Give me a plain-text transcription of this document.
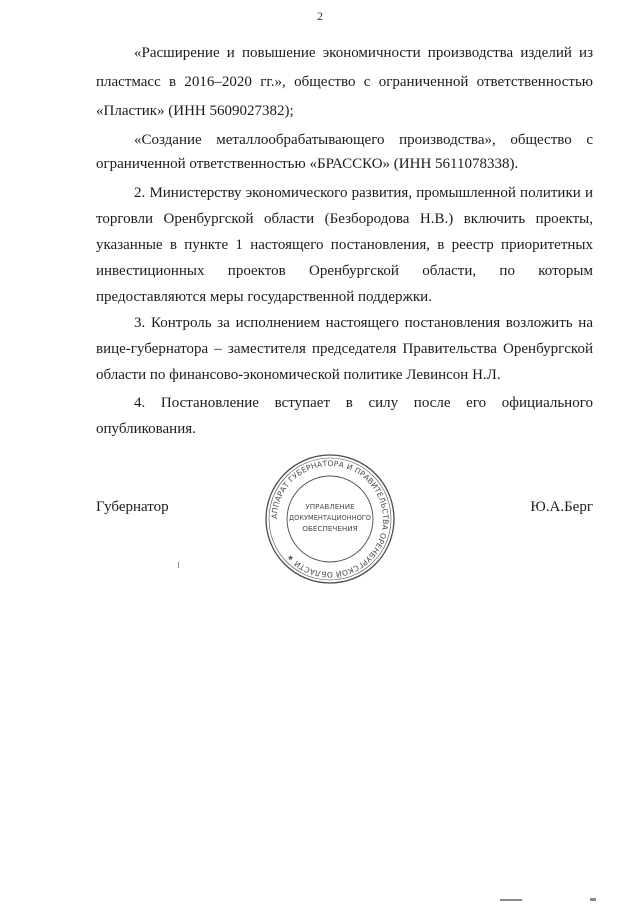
2
«Расширение и повышение экономичности производства изделий из
пластмасс в 2016–2020 гг.», общество с ограниченной ответственностью
«Пластик» (ИНН 5609027382);
«Создание металлообрабатывающего производства», общество с
ограниченной ответственностью «БРАССКО» (ИНН 5611078338).
2. Министерству экономического развития, промышленной политики и
торговли Оренбургской области (Безбородова Н.В.) включить проекты,
указанные в пункте 1 настоящего постановления, в реестр приоритетных
инвестиционных проектов Оренбургской области, по которым
предоставляются меры государственной поддержки.
3. Контроль за исполнением настоящего постановления возложить на
вице-губернатора – заместителя председателя Правительства Оренбургской
области по финансово-экономической политике Левинсон Н.Л.
4. Постановление вступает в силу после его официального
опубликования.
Губернатор	Ю.А.Берг
АППАРАТ ГУБЕРНАТОРА И ПРАВИТЕЛЬСТВА ОРЕНБУРГСКОЙ ОБЛАСТИ ★
УПРАВЛЕНИЕ
ДОКУМЕНТАЦИОННОГО
ОБЕСПЕЧЕНИЯ
